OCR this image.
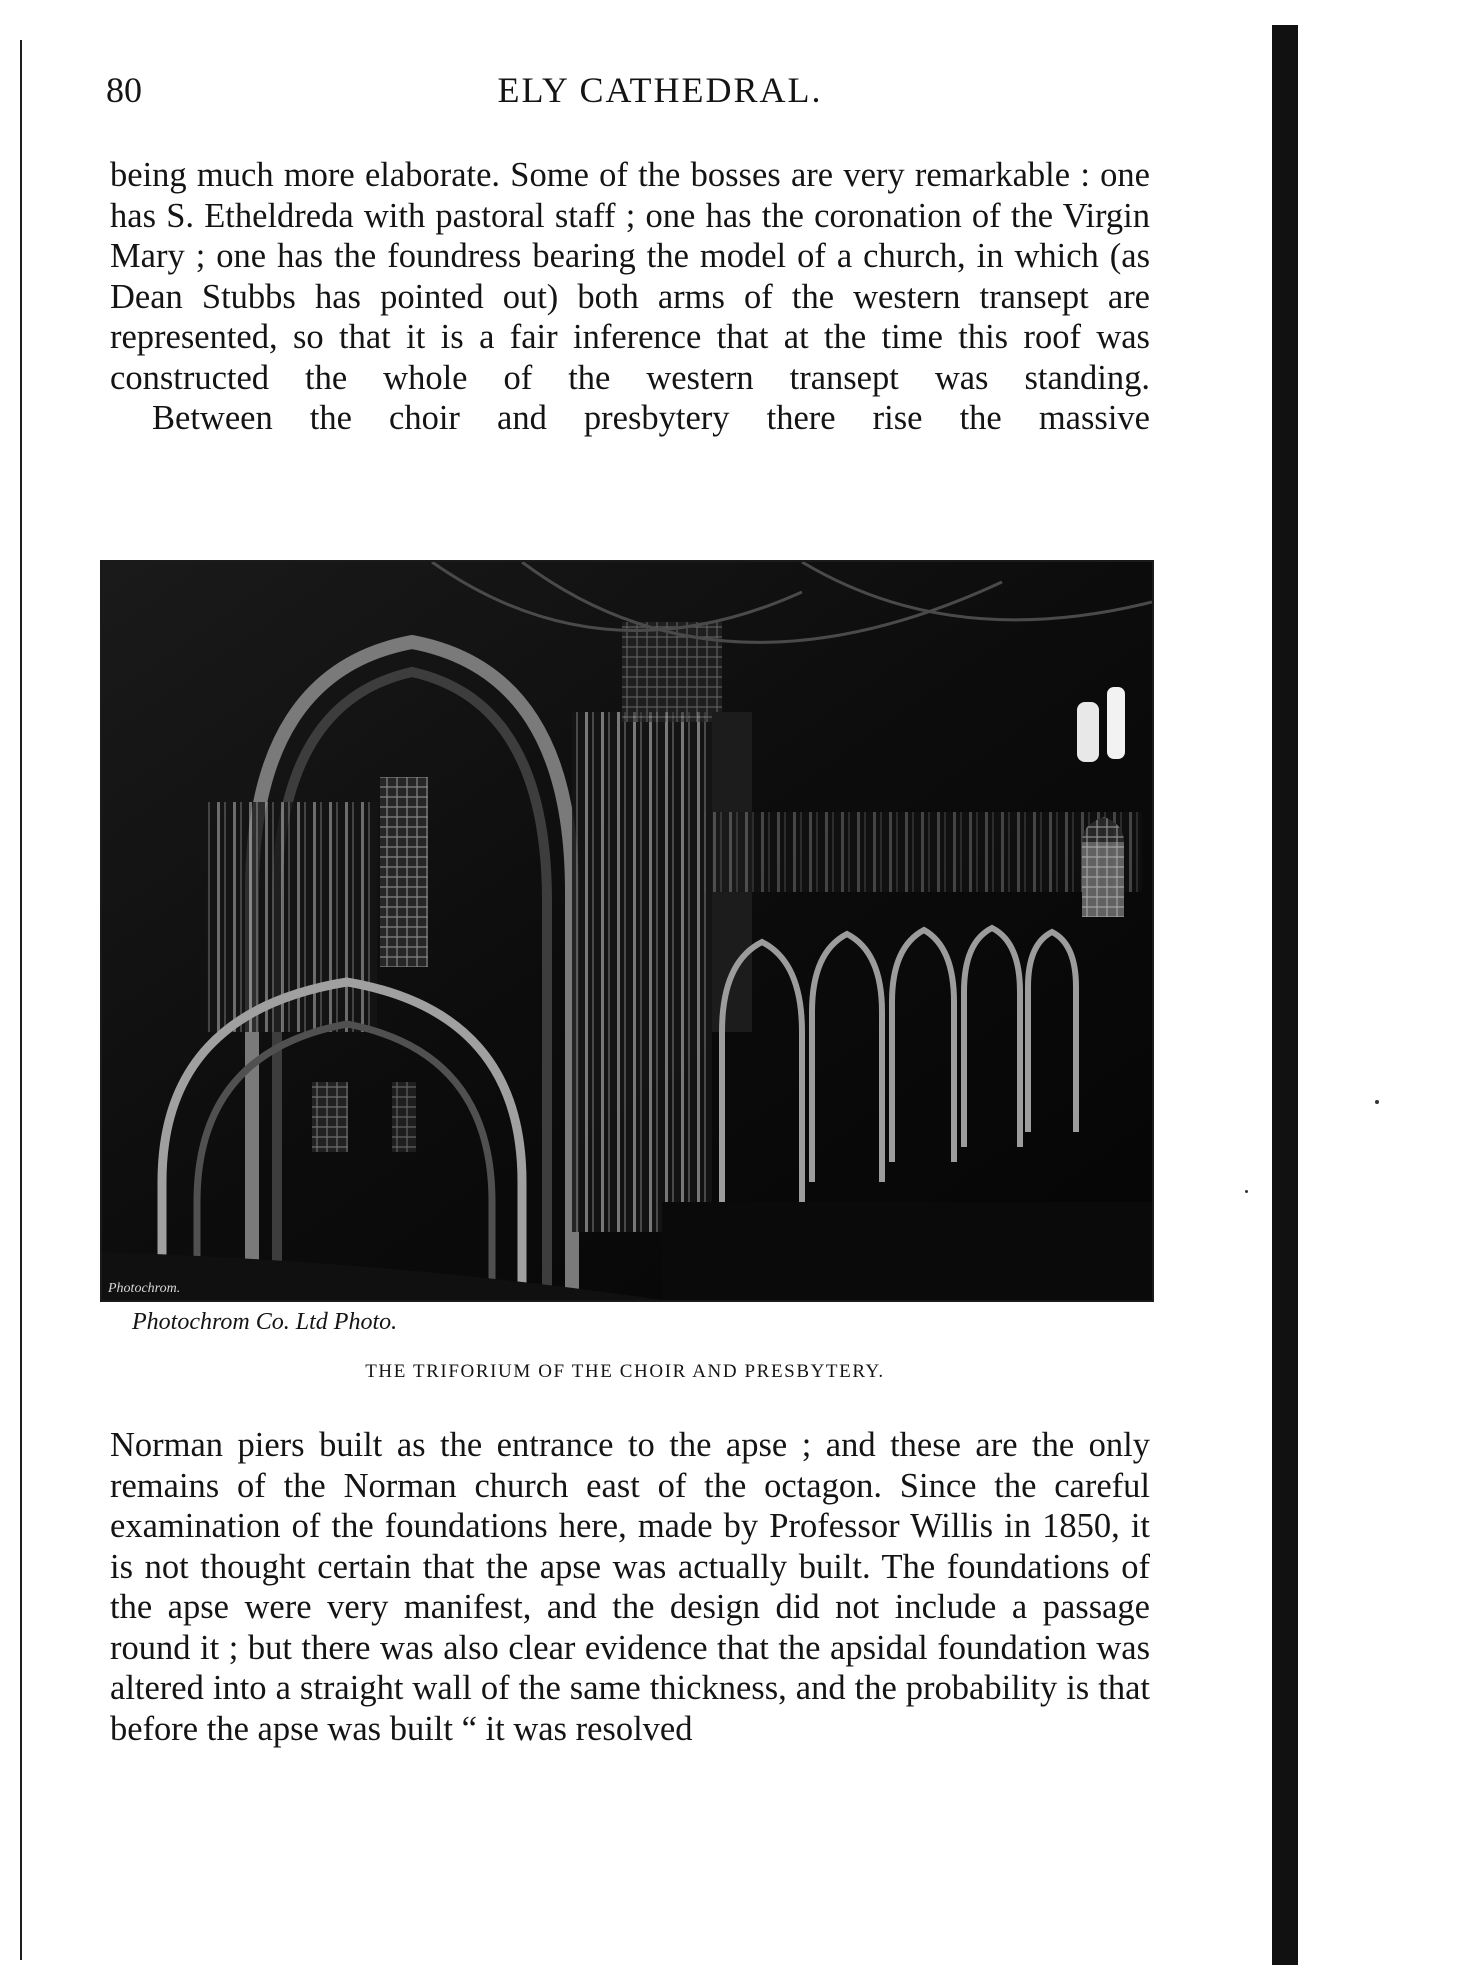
80	ELY CATHEDRAL.

being much more elaborate. Some of the bosses are very remarkable : one has S. Etheldreda with pastoral staff ; one has the coronation of the Virgin Mary ; one has the foundress bearing the model of a church, in which (as Dean Stubbs has pointed out) both arms of the western transept are represented, so that it is a fair inference that at the time this roof was constructed the whole of the western transept was standing.

Between the choir and presbytery there rise the massive

Photochrom.
Photochrom Co. Ltd Photo.
THE TRIFORIUM OF THE CHOIR AND PRESBYTERY.

Norman piers built as the entrance to the apse ; and these are the only remains of the Norman church east of the octagon. Since the careful examination of the foundations here, made by Professor Willis in 1850, it is not thought certain that the apse was actually built. The foundations of the apse were very manifest, and the design did not include a passage round it ; but there was also clear evidence that the apsidal foundation was altered into a straight wall of the same thickness, and the probability is that before the apse was built “ it was resolved
